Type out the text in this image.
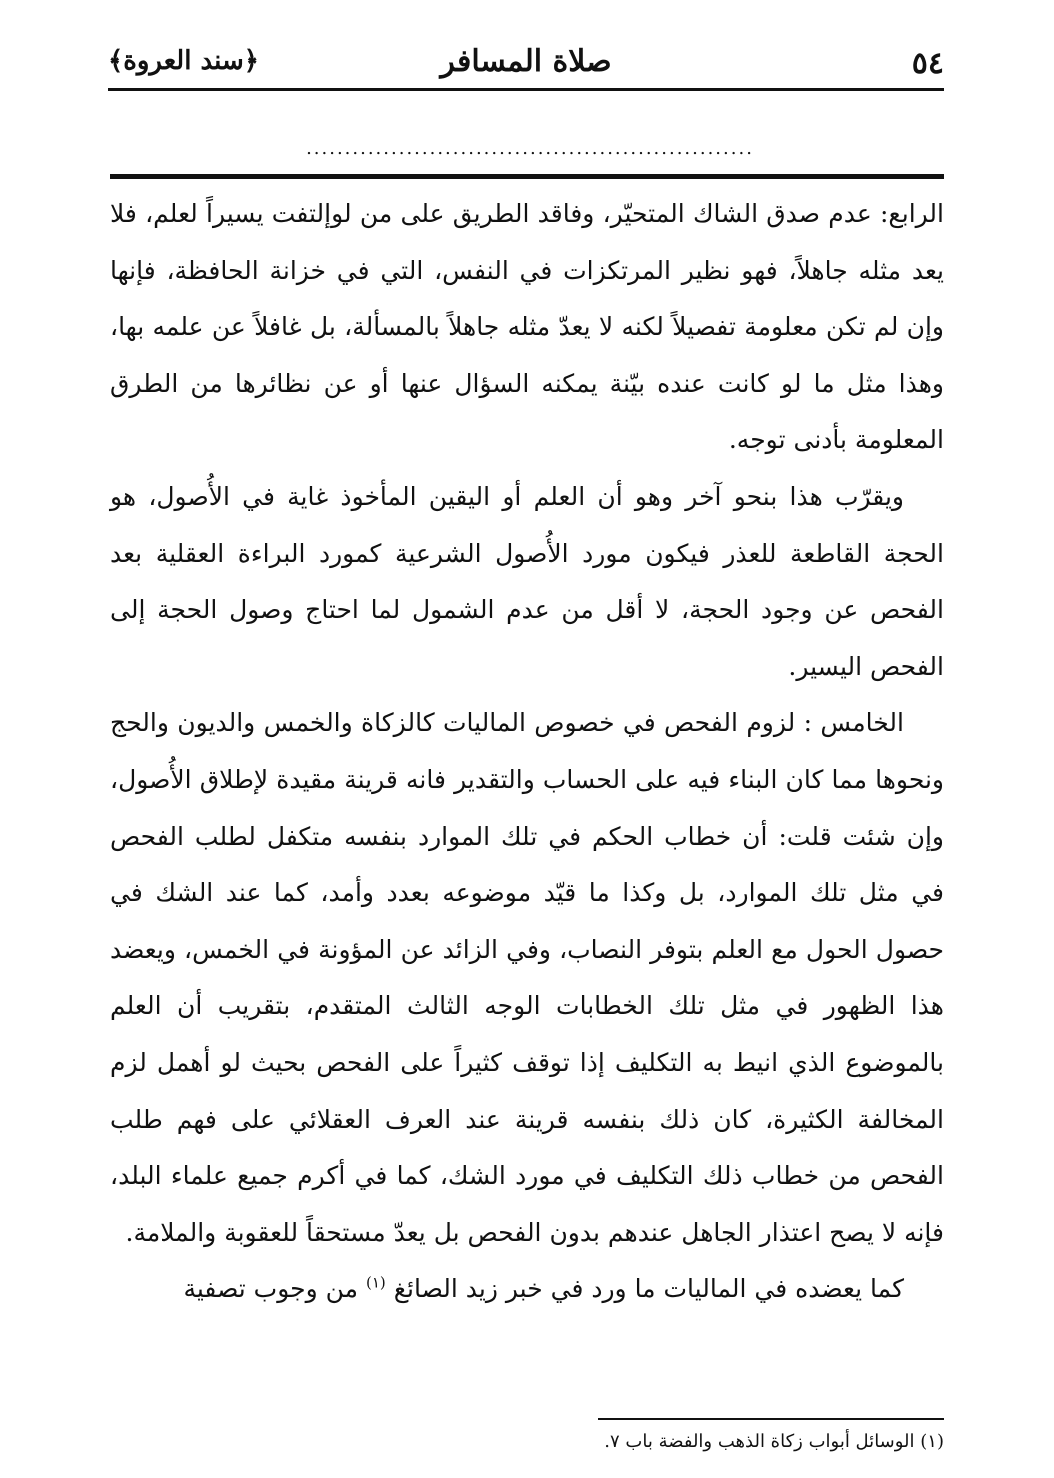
٥٤
صلاة المسافر
﴿سند العروة﴾
..........................................................

الرابع: عدم صدق الشاك المتحيّر، وفاقد الطريق على من لوإلتفت يسيراً لعلم، فلا يعد مثله جاهلاً، فهو نظير المرتكزات في النفس، التي في خزانة الحافظة، فإنها وإن لم تكن معلومة تفصيلاً لكنه لا يعدّ مثله جاهلاً بالمسألة، بل غافلاً عن علمه بها، وهذا مثل ما لو كانت عنده بيّنة يمكنه السؤال عنها أو عن نظائرها من الطرق المعلومة بأدنى توجه.

ويقرّب هذا بنحو آخر وهو أن العلم أو اليقين المأخوذ غاية في الأُصول، هو الحجة القاطعة للعذر فيكون مورد الأُصول الشرعية كمورد البراءة العقلية بعد الفحص عن وجود الحجة، لا أقل من عدم الشمول لما احتاج وصول الحجة إلى الفحص اليسير.

الخامس : لزوم الفحص في خصوص الماليات كالزكاة والخمس والديون والحج ونحوها مما كان البناء فيه على الحساب والتقدير فانه قرينة مقيدة لإطلاق الأُصول، وإن شئت قلت: أن خطاب الحكم في تلك الموارد بنفسه متكفل لطلب الفحص في مثل تلك الموارد، بل وكذا ما قيّد موضوعه بعدد وأمد، كما عند الشك في حصول الحول مع العلم بتوفر النصاب، وفي الزائد عن المؤونة في الخمس، ويعضد هذا الظهور في مثل تلك الخطابات الوجه الثالث المتقدم، بتقريب أن العلم بالموضوع الذي انيط به التكليف إذا توقف كثيراً على الفحص بحيث لو أهمل لزم المخالفة الكثيرة، كان ذلك بنفسه قرينة عند العرف العقلائي على فهم طلب الفحص من خطاب ذلك التكليف في مورد الشك، كما في أكرم جميع علماء البلد، فإنه لا يصح اعتذار الجاهل عندهم بدون الفحص بل يعدّ مستحقاً للعقوبة والملامة.

كما يعضده في الماليات ما ورد في خبر زيد الصائغ $^{(١)}$ من وجوب تصفية

(١) الوسائل أبواب زكاة الذهب والفضة باب ٧.
